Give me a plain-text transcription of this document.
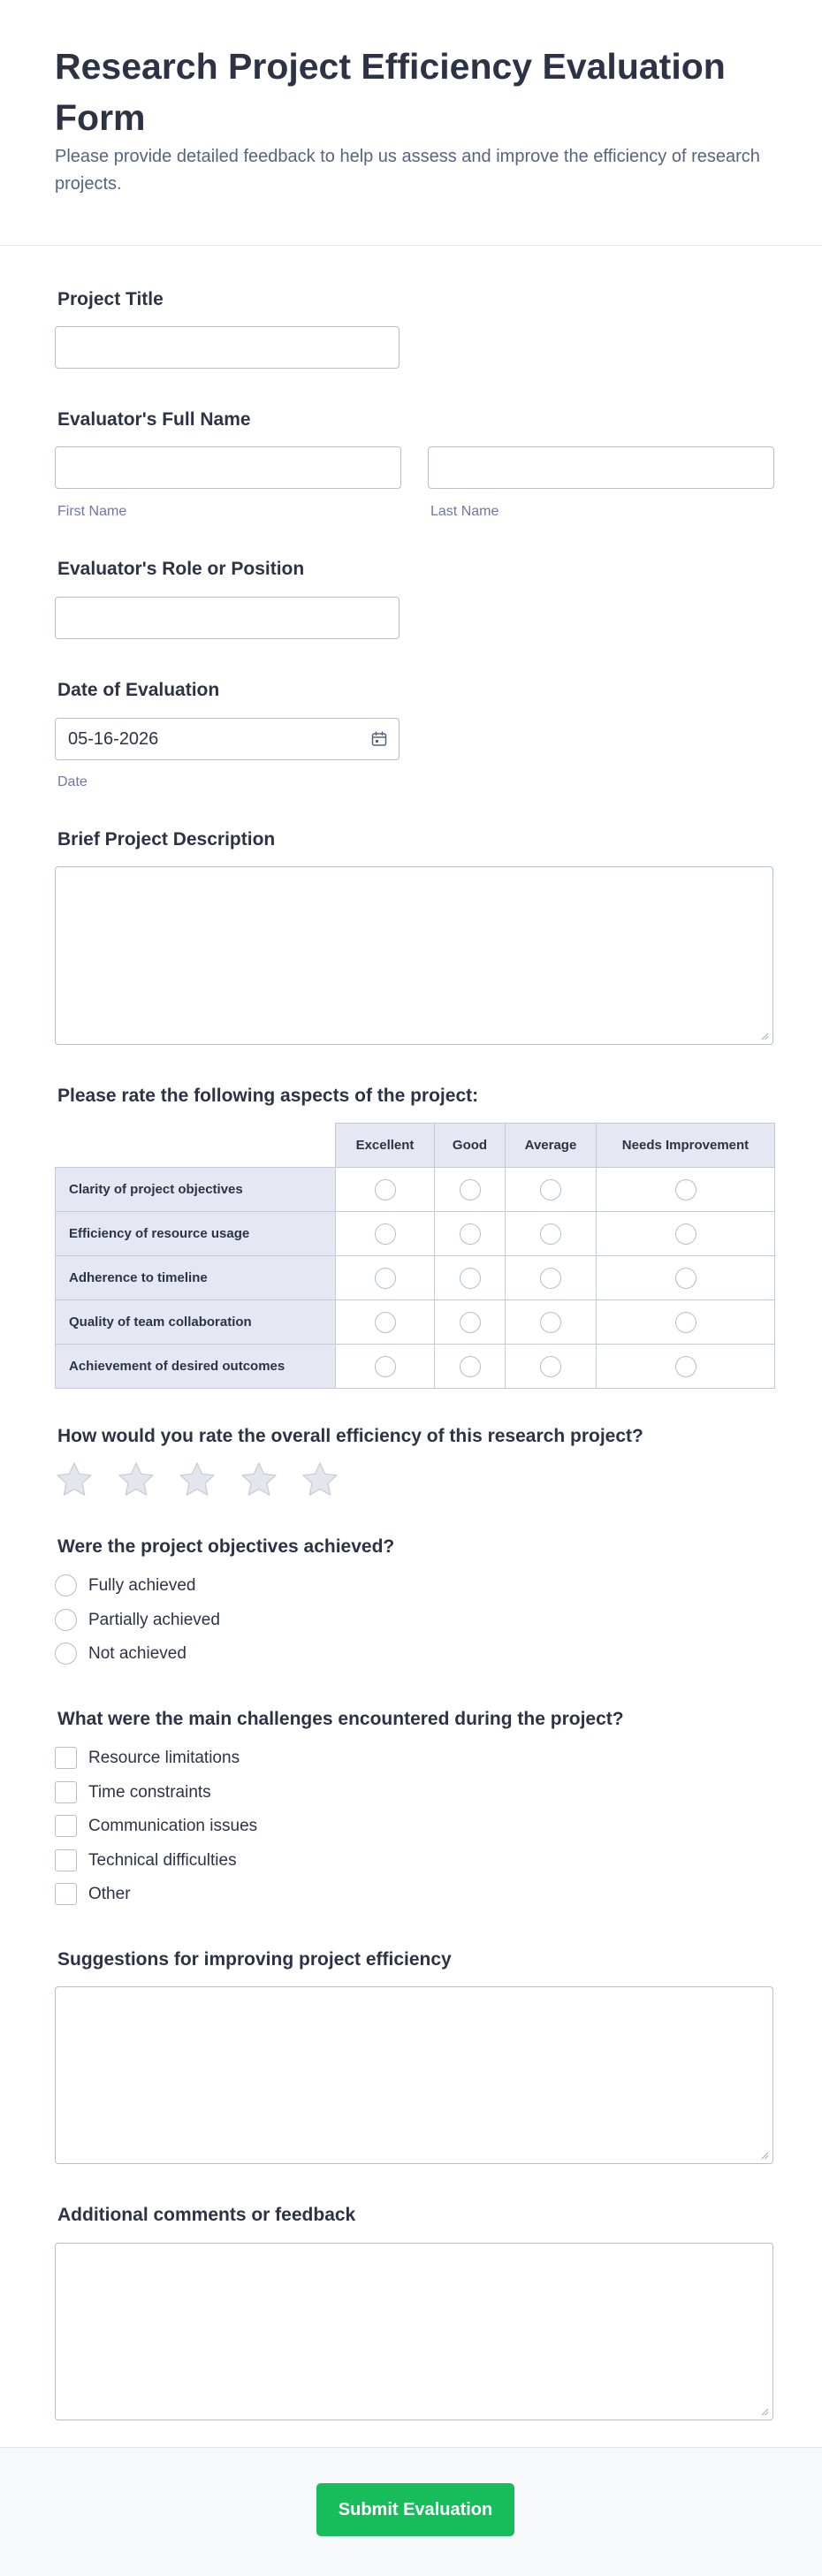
Research Project Efficiency Evaluation Form

Please provide detailed feedback to help us assess and improve the efficiency of research projects.

Project Title
Evaluator's Full Name
First Name	Last Name
Evaluator's Role or Position
Date of Evaluation
05-16-2026
Date
Brief Project Description
Please rate the following aspects of the project:
	Excellent	Good	Average	Needs Improvement
Clarity of project objectives				
Efficiency of resource usage				
Adherence to timeline				
Quality of team collaboration				
Achievement of desired outcomes				
How would you rate the overall efficiency of this research project?
Were the project objectives achieved?
Fully achieved
Partially achieved
Not achieved
What were the main challenges encountered during the project?
Resource limitations
Time constraints
Communication issues
Technical difficulties
Other
Suggestions for improving project efficiency
Additional comments or feedback
Submit Evaluation
